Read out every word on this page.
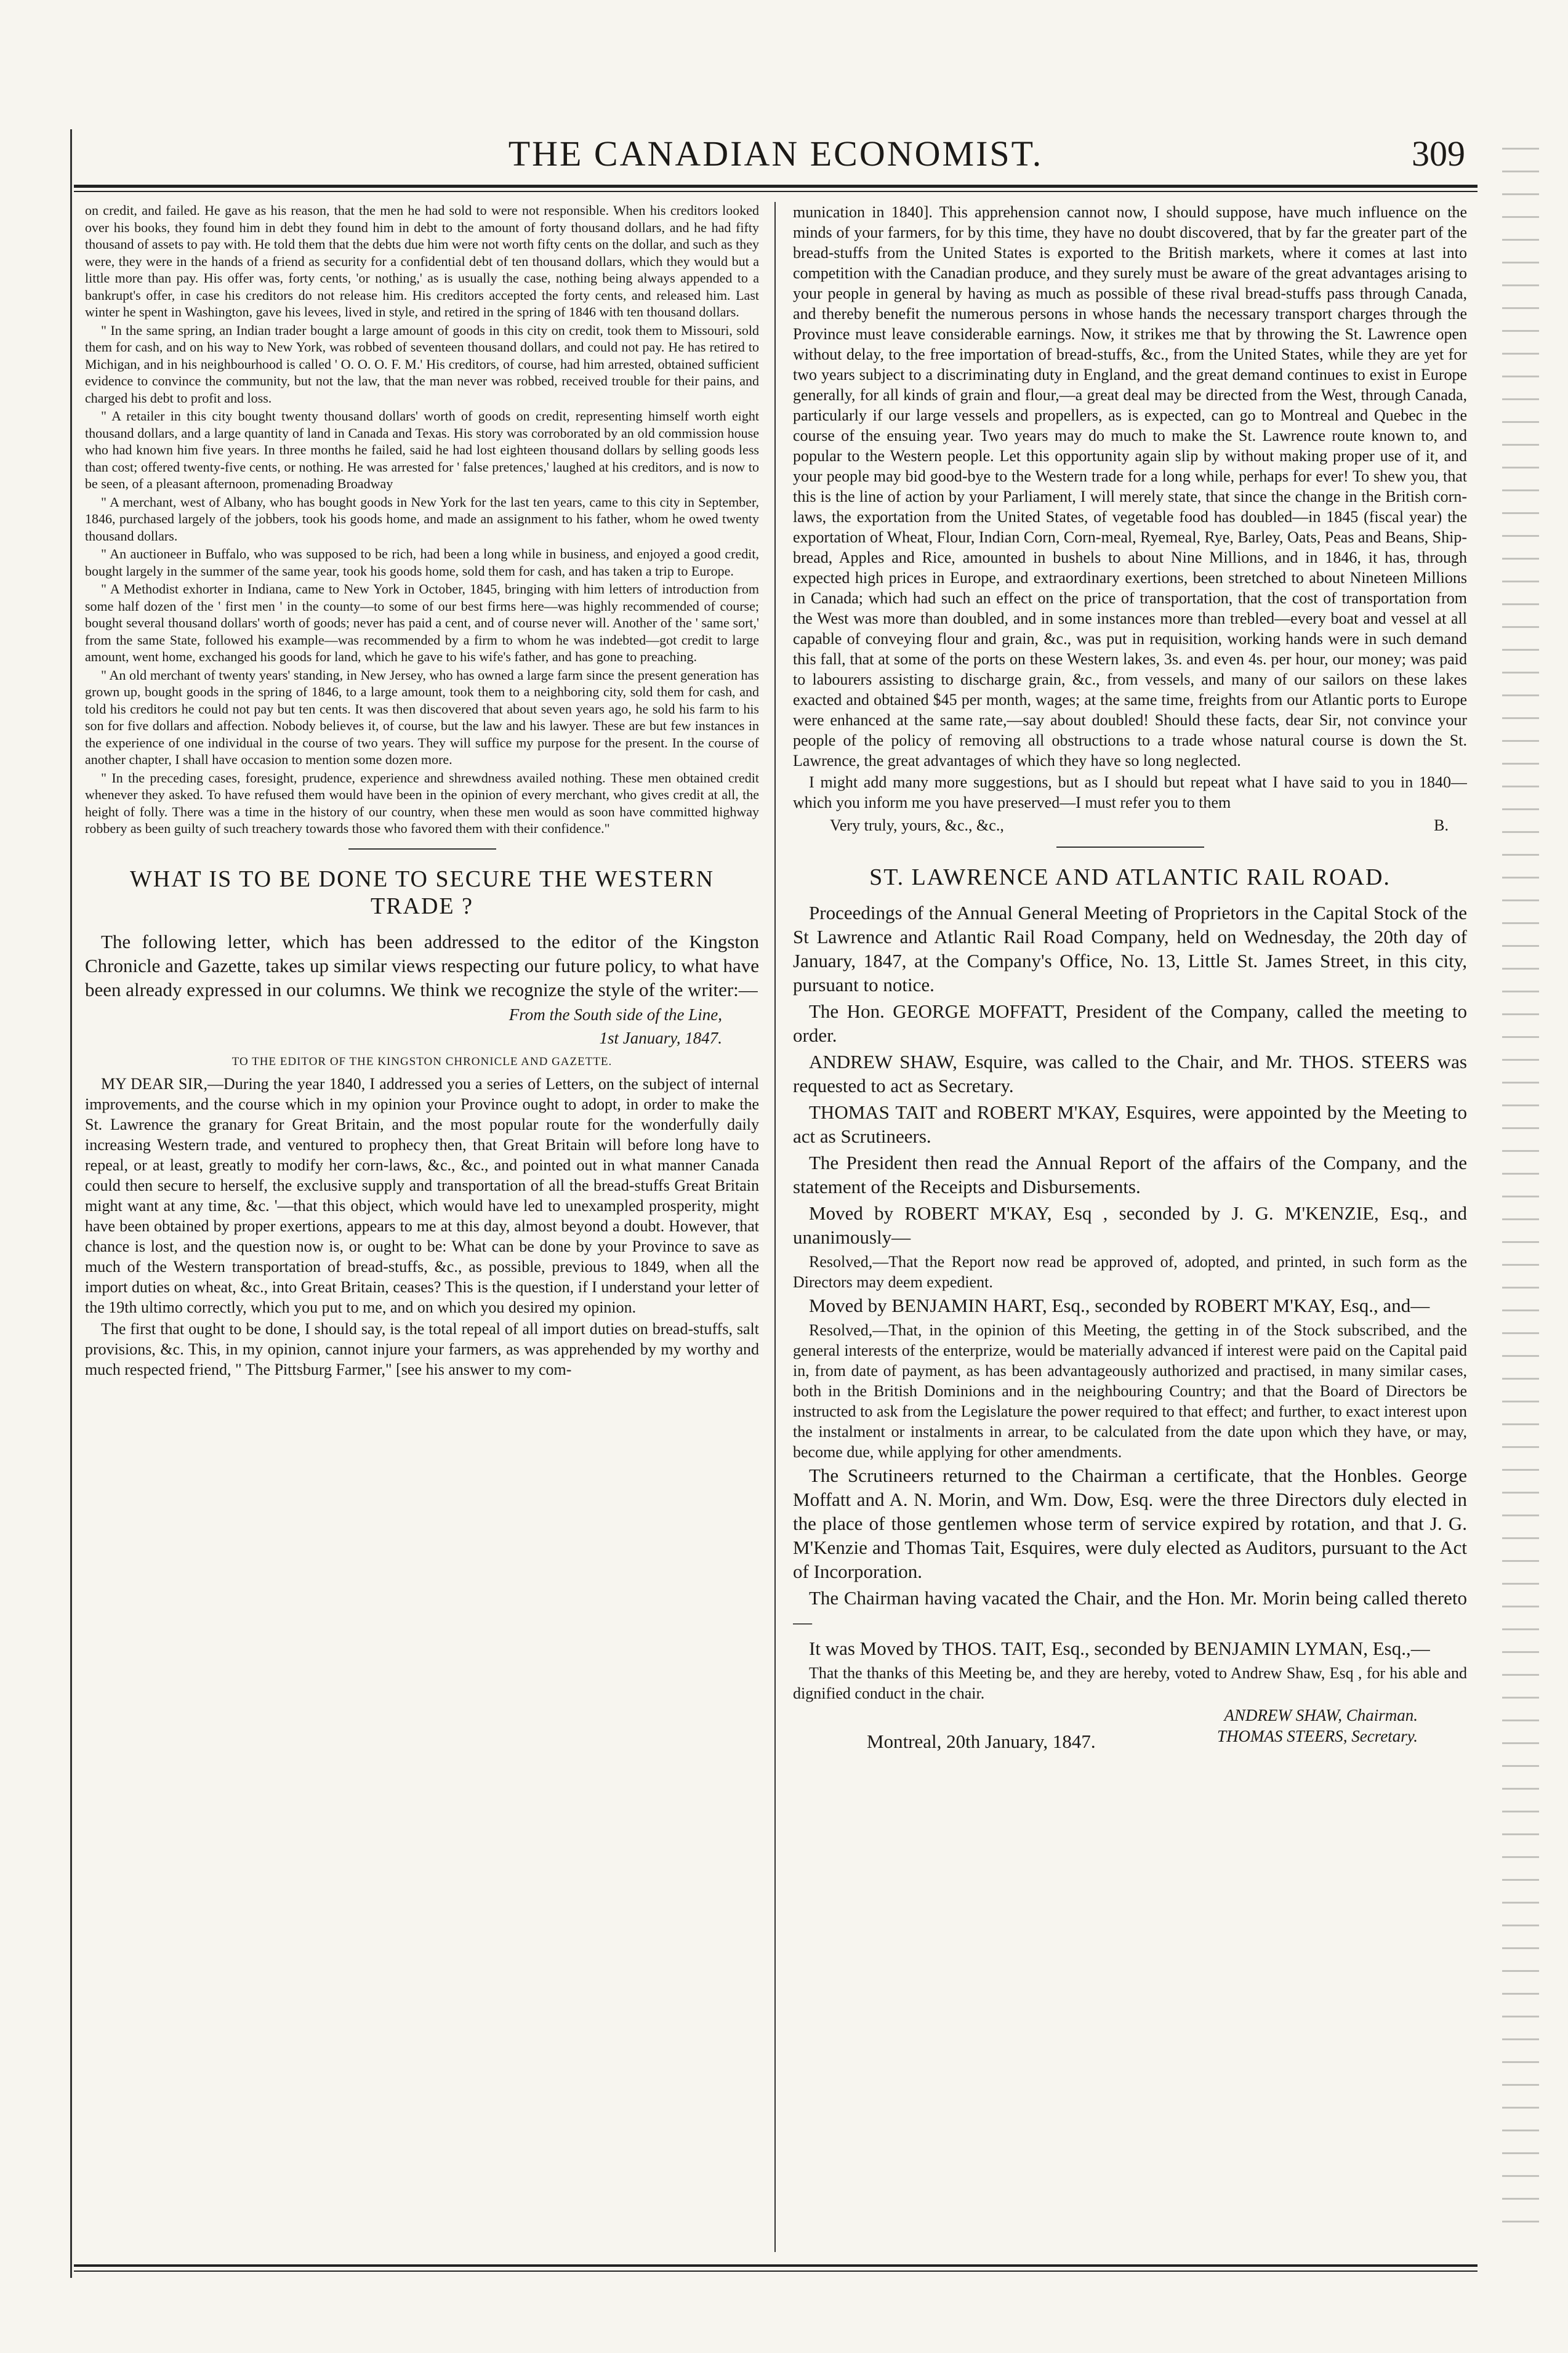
THE CANADIAN ECONOMIST.	309

on credit, and failed. He gave as his reason, that the men he had sold to were not responsible. When his creditors looked over his books, they found him in debt they found him in debt to the amount of forty thousand dollars, and he had fifty thousand of assets to pay with. He told them that the debts due him were not worth fifty cents on the dollar, and such as they were, they were in the hands of a friend as security for a confidential debt of ten thousand dollars, which they would but a little more than pay. His offer was, forty cents, 'or nothing,' as is usually the case, nothing being always appended to a bankrupt's offer, in case his creditors do not release him. His creditors accepted the forty cents, and released him. Last winter he spent in Washington, gave his levees, lived in style, and retired in the spring of 1846 with ten thousand dollars.

" In the same spring, an Indian trader bought a large amount of goods in this city on credit, took them to Missouri, sold them for cash, and on his way to New York, was robbed of seventeen thousand dollars, and could not pay. He has retired to Michigan, and in his neighbourhood is called ' O. O. O. F. M.' His creditors, of course, had him arrested, obtained sufficient evidence to convince the community, but not the law, that the man never was robbed, received trouble for their pains, and charged his debt to profit and loss.

" A retailer in this city bought twenty thousand dollars' worth of goods on credit, representing himself worth eight thousand dollars, and a large quantity of land in Canada and Texas. His story was corroborated by an old commission house who had known him five years. In three months he failed, said he had lost eighteen thousand dollars by selling goods less than cost; offered twenty-five cents, or nothing. He was arrested for ' false pretences,' laughed at his creditors, and is now to be seen, of a pleasant afternoon, promenading Broadway

" A merchant, west of Albany, who has bought goods in New York for the last ten years, came to this city in September, 1846, purchased largely of the jobbers, took his goods home, and made an assignment to his father, whom he owed twenty thousand dollars.

" An auctioneer in Buffalo, who was supposed to be rich, had been a long while in business, and enjoyed a good credit, bought largely in the summer of the same year, took his goods home, sold them for cash, and has taken a trip to Europe.

" A Methodist exhorter in Indiana, came to New York in October, 1845, bringing with him letters of introduction from some half dozen of the ' first men ' in the county—to some of our best firms here—was highly recommended of course; bought several thousand dollars' worth of goods; never has paid a cent, and of course never will. Another of the ' same sort,' from the same State, followed his example—was recommended by a firm to whom he was indebted—got credit to large amount, went home, exchanged his goods for land, which he gave to his wife's father, and has gone to preaching.

" An old merchant of twenty years' standing, in New Jersey, who has owned a large farm since the present generation has grown up, bought goods in the spring of 1846, to a large amount, took them to a neighboring city, sold them for cash, and told his creditors he could not pay but ten cents. It was then discovered that about seven years ago, he sold his farm to his son for five dollars and affection. Nobody believes it, of course, but the law and his lawyer. These are but few instances in the experience of one individual in the course of two years. They will suffice my purpose for the present. In the course of another chapter, I shall have occasion to mention some dozen more.

" In the preceding cases, foresight, prudence, experience and shrewdness availed nothing. These men obtained credit whenever they asked. To have refused them would have been in the opinion of every merchant, who gives credit at all, the height of folly. There was a time in the history of our country, when these men would as soon have committed highway robbery as been guilty of such treachery towards those who favored them with their confidence."

WHAT IS TO BE DONE TO SECURE THE WESTERN TRADE ?

The following letter, which has been addressed to the editor of the Kingston Chronicle and Gazette, takes up similar views respecting our future policy, to what have been already expressed in our columns. We think we recognize the style of the writer:—

From the South side of the Line,
1st January, 1847.
TO THE EDITOR OF THE KINGSTON CHRONICLE AND GAZETTE.

MY DEAR SIR,—During the year 1840, I addressed you a series of Letters, on the subject of internal improvements, and the course which in my opinion your Province ought to adopt, in order to make the St. Lawrence the granary for Great Britain, and the most popular route for the wonderfully daily increasing Western trade, and ventured to prophecy then, that Great Britain will before long have to repeal, or at least, greatly to modify her corn-laws, &c., &c., and pointed out in what manner Canada could then secure to herself, the exclusive supply and transportation of all the bread-stuffs Great Britain might want at any time, &c. '—that this object, which would have led to unexampled prosperity, might have been obtained by proper exertions, appears to me at this day, almost beyond a doubt. However, that chance is lost, and the question now is, or ought to be: What can be done by your Province to save as much of the Western transportation of bread-stuffs, &c., as possible, previous to 1849, when all the import duties on wheat, &c., into Great Britain, ceases? This is the question, if I understand your letter of the 19th ultimo correctly, which you put to me, and on which you desired my opinion.

The first that ought to be done, I should say, is the total repeal of all import duties on bread-stuffs, salt provisions, &c. This, in my opinion, cannot injure your farmers, as was apprehended by my worthy and much respected friend, " The Pittsburg Farmer," [see his answer to my com-

munication in 1840]. This apprehension cannot now, I should suppose, have much influence on the minds of your farmers, for by this time, they have no doubt discovered, that by far the greater part of the bread-stuffs from the United States is exported to the British markets, where it comes at last into competition with the Canadian produce, and they surely must be aware of the great advantages arising to your people in general by having as much as possible of these rival bread-stuffs pass through Canada, and thereby benefit the numerous persons in whose hands the necessary transport charges through the Province must leave considerable earnings. Now, it strikes me that by throwing the St. Lawrence open without delay, to the free importation of bread-stuffs, &c., from the United States, while they are yet for two years subject to a discriminating duty in England, and the great demand continues to exist in Europe generally, for all kinds of grain and flour,—a great deal may be directed from the West, through Canada, particularly if our large vessels and propellers, as is expected, can go to Montreal and Quebec in the course of the ensuing year. Two years may do much to make the St. Lawrence route known to, and popular to the Western people. Let this opportunity again slip by without making proper use of it, and your people may bid good-bye to the Western trade for a long while, perhaps for ever! To shew you, that this is the line of action by your Parliament, I will merely state, that since the change in the British corn-laws, the exportation from the United States, of vegetable food has doubled—in 1845 (fiscal year) the exportation of Wheat, Flour, Indian Corn, Corn-meal, Ryemeal, Rye, Barley, Oats, Peas and Beans, Ship-bread, Apples and Rice, amounted in bushels to about Nine Millions, and in 1846, it has, through expected high prices in Europe, and extraordinary exertions, been stretched to about Nineteen Millions in Canada; which had such an effect on the price of transportation, that the cost of transportation from the West was more than doubled, and in some instances more than trebled—every boat and vessel at all capable of conveying flour and grain, &c., was put in requisition, working hands were in such demand this fall, that at some of the ports on these Western lakes, 3s. and even 4s. per hour, our money; was paid to labourers assisting to discharge grain, &c., from vessels, and many of our sailors on these lakes exacted and obtained $45 per month, wages; at the same time, freights from our Atlantic ports to Europe were enhanced at the same rate,—say about doubled! Should these facts, dear Sir, not convince your people of the policy of removing all obstructions to a trade whose natural course is down the St. Lawrence, the great advantages of which they have so long neglected.

I might add many more suggestions, but as I should but repeat what I have said to you in 1840—which you inform me you have preserved—I must refer you to them

Very truly, yours, &c., &c.,	B.
ST. LAWRENCE AND ATLANTIC RAIL ROAD.

Proceedings of the Annual General Meeting of Proprietors in the Capital Stock of the St Lawrence and Atlantic Rail Road Company, held on Wednesday, the 20th day of January, 1847, at the Company's Office, No. 13, Little St. James Street, in this city, pursuant to notice.

The Hon. GEORGE MOFFATT, President of the Company, called the meeting to order.

ANDREW SHAW, Esquire, was called to the Chair, and Mr. THOS. STEERS was requested to act as Secretary.

THOMAS TAIT and ROBERT M'KAY, Esquires, were appointed by the Meeting to act as Scrutineers.

The President then read the Annual Report of the affairs of the Company, and the statement of the Receipts and Disbursements.

Moved by ROBERT M'KAY, Esq , seconded by J. G. M'KENZIE, Esq., and unanimously—

Resolved,—That the Report now read be approved of, adopted, and printed, in such form as the Directors may deem expedient.

Moved by BENJAMIN HART, Esq., seconded by ROBERT M'KAY, Esq., and—

Resolved,—That, in the opinion of this Meeting, the getting in of the Stock subscribed, and the general interests of the enterprize, would be materially advanced if interest were paid on the Capital paid in, from date of payment, as has been advantageously authorized and practised, in many similar cases, both in the British Dominions and in the neighbouring Country; and that the Board of Directors be instructed to ask from the Legislature the power required to that effect; and further, to exact interest upon the instalment or instalments in arrear, to be calculated from the date upon which they have, or may, become due, while applying for other amendments.

The Scrutineers returned to the Chairman a certificate, that the Honbles. George Moffatt and A. N. Morin, and Wm. Dow, Esq. were the three Directors duly elected in the place of those gentlemen whose term of service expired by rotation, and that J. G. M'Kenzie and Thomas Tait, Esquires, were duly elected as Auditors, pursuant to the Act of Incorporation.

The Chairman having vacated the Chair, and the Hon. Mr. Morin being called thereto—

It was Moved by THOS. TAIT, Esq., seconded by BENJAMIN LYMAN, Esq.,—

That the thanks of this Meeting be, and they are hereby, voted to Andrew Shaw, Esq , for his able and dignified conduct in the chair.

ANDREW SHAW, Chairman.
THOMAS STEERS, Secretary.
Montreal, 20th January, 1847.
